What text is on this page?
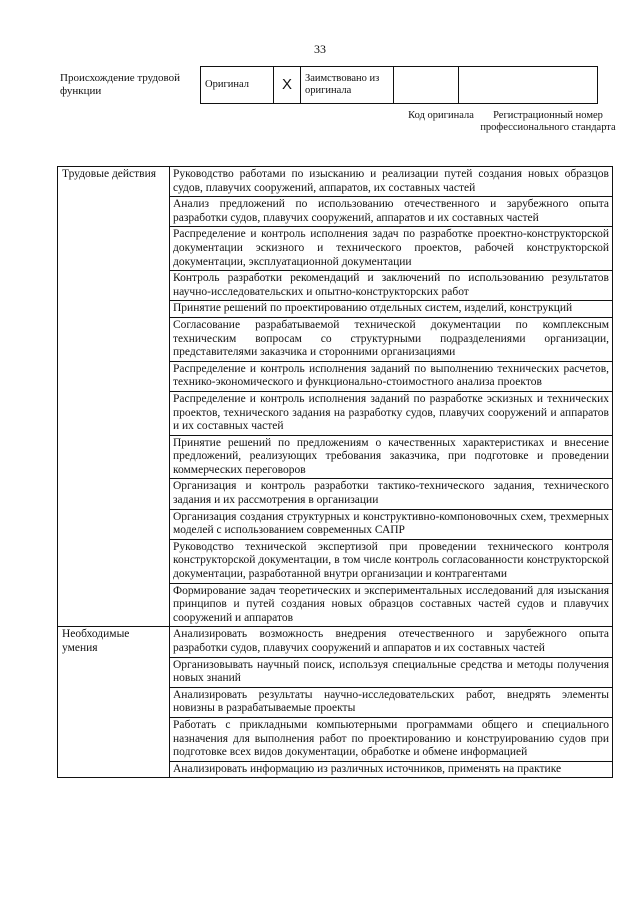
33
Происхождение трудовой функции
Оригинал	X	Заимствовано из оригинала		
Код оригинала	Регистрационный номер профессионального стандарта
Трудовые действия	Руководство работами по изысканию и реализации путей создания новых образцов судов, плавучих сооружений, аппаратов, их составных частей
	Анализ предложений по использованию отечественного и зарубежного опыта разработки судов, плавучих сооружений, аппаратов и их составных частей
	Распределение и контроль исполнения задач по разработке проектно-конструкторской документации эскизного и технического проектов, рабочей конструкторской документации, эксплуатационной документации
	Контроль разработки рекомендаций и заключений по использованию результатов научно-исследовательских и опытно-конструкторских работ
	Принятие решений по проектированию отдельных систем, изделий, конструкций
	Согласование разрабатываемой технической документации по комплексным техническим вопросам со структурными подразделениями организации, представителями заказчика и сторонними организациями
	Распределение и контроль исполнения заданий по выполнению технических расчетов, технико-экономического и функционально-стоимостного анализа проектов
	Распределение и контроль исполнения заданий по разработке эскизных и технических проектов, технического задания на разработку судов, плавучих сооружений и аппаратов и их составных частей
	Принятие решений по предложениям о качественных характеристиках и внесение предложений, реализующих требования заказчика, при подготовке и проведении коммерческих переговоров
	Организация и контроль разработки тактико-технического задания, технического задания и их рассмотрения в организации
	Организация создания структурных и конструктивно-компоновочных схем, трехмерных моделей с использованием современных САПР
	Руководство технической экспертизой при проведении технического контроля конструкторской документации, в том числе контроль согласованности конструкторской документации, разработанной внутри организации и контрагентами
	Формирование задач теоретических и экспериментальных исследований для изыскания принципов и путей создания новых образцов составных частей судов и плавучих сооружений и аппаратов
Необходимые умения	Анализировать возможность внедрения отечественного и зарубежного опыта разработки судов, плавучих сооружений и аппаратов и их составных частей
	Организовывать научный поиск, используя специальные средства и методы получения новых знаний
	Анализировать результаты научно-исследовательских работ, внедрять элементы новизны в разрабатываемые проекты
	Работать с прикладными компьютерными программами общего и специального назначения для выполнения работ по проектированию и конструированию судов при подготовке всех видов документации, обработке и обмене информацией
	Анализировать информацию из различных источников, применять на практике
